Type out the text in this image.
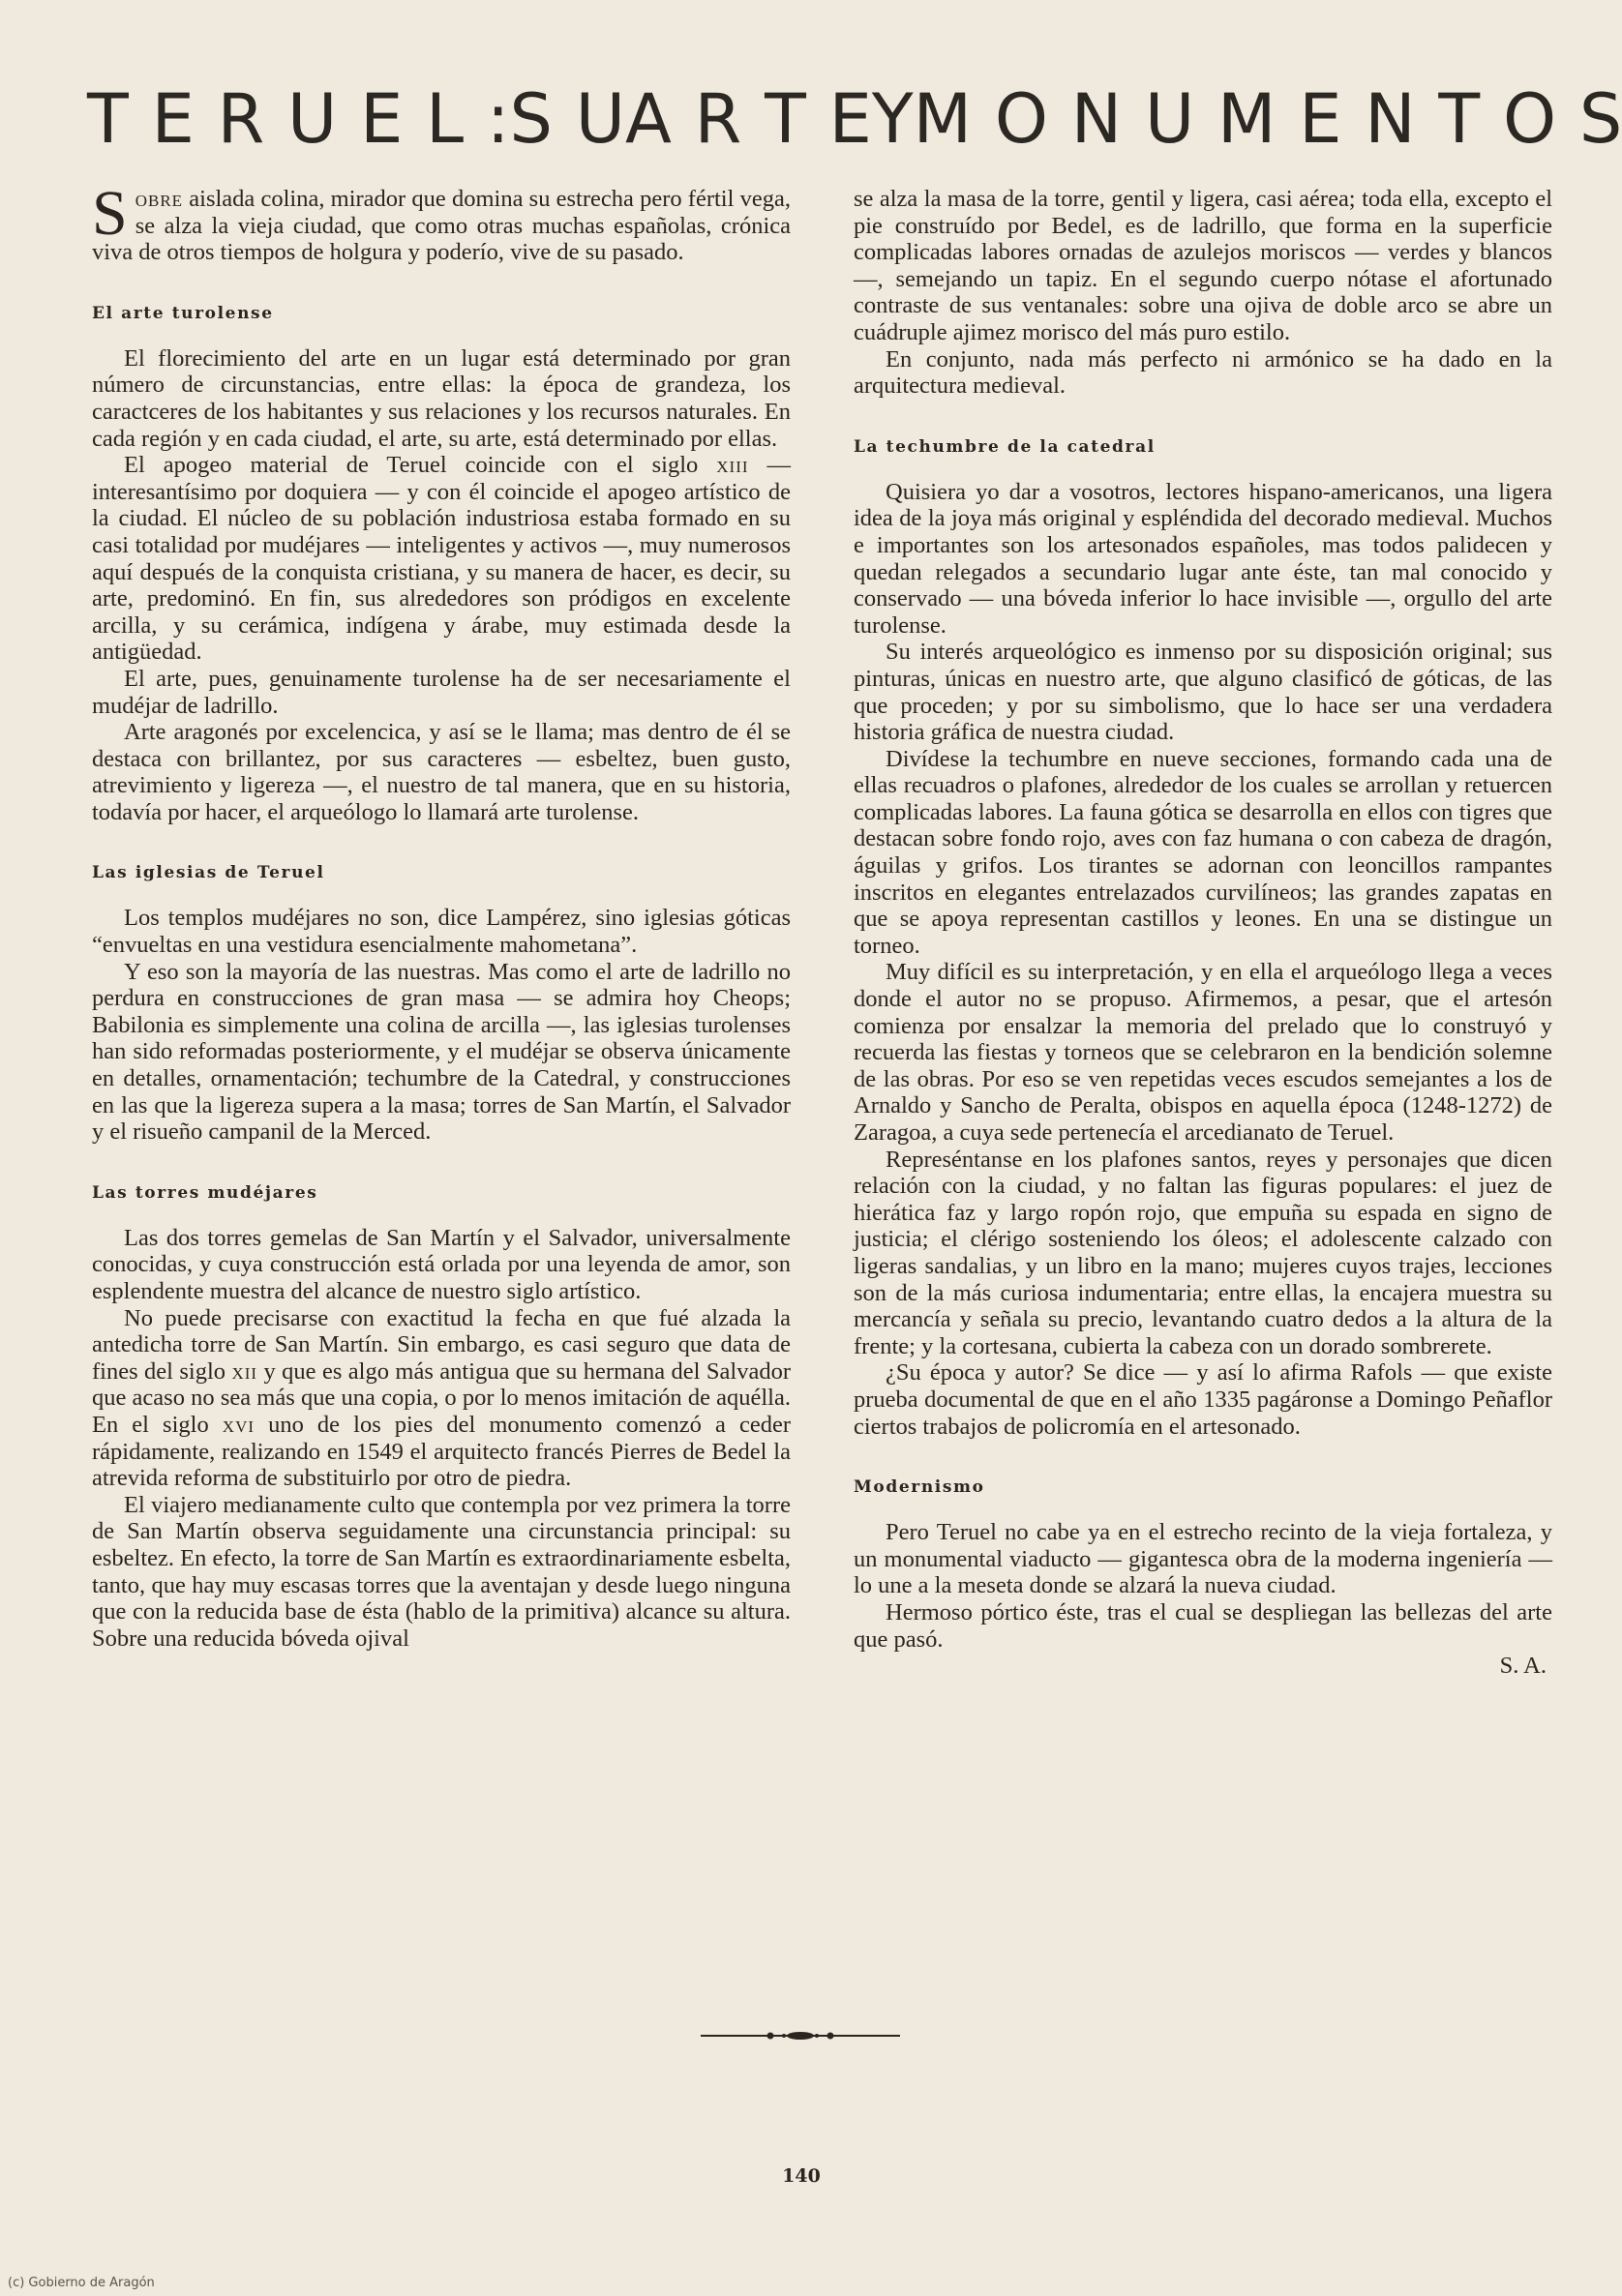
T E R U E L : S U A R T E Y M O N U M E N T O S

Sobre aislada colina, mirador que domina su estrecha pero fértil vega, se alza la vieja ciudad, que como otras muchas españolas, crónica viva de otros tiempos de holgura y poderío, vive de su pasado.

El arte turolense

El florecimiento del arte en un lugar está determinado por gran número de circunstancias, entre ellas: la época de grandeza, los caractceres de los habitantes y sus relaciones y los recursos naturales. En cada región y en cada ciudad, el arte, su arte, está determinado por ellas.

El apogeo material de Teruel coincide con el siglo xiii — interesantísimo por doquiera — y con él coincide el apogeo artístico de la ciudad. El núcleo de su población industriosa estaba formado en su casi totalidad por mudéjares — inteligentes y activos —, muy numerosos aquí después de la conquista cristiana, y su manera de hacer, es decir, su arte, predominó. En fin, sus alrededores son pródigos en excelente arcilla, y su cerámica, indígena y árabe, muy estimada desde la antigüedad.

El arte, pues, genuinamente turolense ha de ser necesariamente el mudéjar de ladrillo.

Arte aragonés por excelencica, y así se le llama; mas dentro de él se destaca con brillantez, por sus caracteres — esbeltez, buen gusto, atrevimiento y ligereza —, el nuestro de tal manera, que en su historia, todavía por hacer, el arqueólogo lo llamará arte turolense.

Las iglesias de Teruel

Los templos mudéjares no son, dice Lampérez, sino iglesias góticas “envueltas en una vestidura esencialmente mahometana”.

Y eso son la mayoría de las nuestras. Mas como el arte de ladrillo no perdura en construcciones de gran masa — se admira hoy Cheops; Babilonia es simplemente una colina de arcilla —, las iglesias turolenses han sido reformadas posteriormente, y el mudéjar se observa únicamente en detalles, ornamentación; techumbre de la Catedral, y construcciones en las que la ligereza supera a la masa; torres de San Martín, el Salvador y el risueño campanil de la Merced.

Las torres mudéjares

Las dos torres gemelas de San Martín y el Salvador, universalmente conocidas, y cuya construcción está orlada por una leyenda de amor, son esplendente muestra del alcance de nuestro siglo artístico.

No puede precisarse con exactitud la fecha en que fué alzada la antedicha torre de San Martín. Sin embargo, es casi seguro que data de fines del siglo xii y que es algo más antigua que su hermana del Salvador que acaso no sea más que una copia, o por lo menos imitación de aquélla. En el siglo xvi uno de los pies del monumento comenzó a ceder rápidamente, realizando en 1549 el arquitecto francés Pierres de Bedel la atrevida reforma de substituirlo por otro de piedra.

El viajero medianamente culto que contempla por vez primera la torre de San Martín observa seguidamente una circunstancia principal: su esbeltez. En efecto, la torre de San Martín es extraordinariamente esbelta, tanto, que hay muy escasas torres que la aventajan y desde luego ninguna que con la reducida base de ésta (hablo de la primitiva) alcance su altura. Sobre una reducida bóveda ojival

se alza la masa de la torre, gentil y ligera, casi aérea; toda ella, excepto el pie construído por Bedel, es de ladrillo, que forma en la superficie complicadas labores ornadas de azulejos moriscos — verdes y blancos —, semejando un tapiz. En el segundo cuerpo nótase el afortunado contraste de sus ventanales: sobre una ojiva de doble arco se abre un cuádruple ajimez morisco del más puro estilo.

En conjunto, nada más perfecto ni armónico se ha dado en la arquitectura medieval.

La techumbre de la catedral

Quisiera yo dar a vosotros, lectores hispano-americanos, una ligera idea de la joya más original y espléndida del decorado medieval. Muchos e importantes son los artesonados españoles, mas todos palidecen y quedan relegados a secundario lugar ante éste, tan mal conocido y conservado — una bóveda inferior lo hace invisible —, orgullo del arte turolense.

Su interés arqueológico es inmenso por su disposición original; sus pinturas, únicas en nuestro arte, que alguno clasificó de góticas, de las que proceden; y por su simbolismo, que lo hace ser una verdadera historia gráfica de nuestra ciudad.

Divídese la techumbre en nueve secciones, formando cada una de ellas recuadros o plafones, alrededor de los cuales se arrollan y retuercen complicadas labores. La fauna gótica se desarrolla en ellos con tigres que destacan sobre fondo rojo, aves con faz humana o con cabeza de dragón, águilas y grifos. Los tirantes se adornan con leoncillos rampantes inscritos en elegantes entrelazados curvilíneos; las grandes zapatas en que se apoya representan castillos y leones. En una se distingue un torneo.

Muy difícil es su interpretación, y en ella el arqueólogo llega a veces donde el autor no se propuso. Afirmemos, a pesar, que el artesón comienza por ensalzar la memoria del prelado que lo construyó y recuerda las fiestas y torneos que se celebraron en la bendición solemne de las obras. Por eso se ven repetidas veces escudos semejantes a los de Arnaldo y Sancho de Peralta, obispos en aquella época (1248-1272) de Zaragoa, a cuya sede pertenecía el arcedianato de Teruel.

Represéntanse en los plafones santos, reyes y personajes que dicen relación con la ciudad, y no faltan las figuras populares: el juez de hierática faz y largo ropón rojo, que empuña su espada en signo de justicia; el clérigo sosteniendo los óleos; el adolescente calzado con ligeras sandalias, y un libro en la mano; mujeres cuyos trajes, lecciones son de la más curiosa indumentaria; entre ellas, la encajera muestra su mercancía y señala su precio, levantando cuatro dedos a la altura de la frente; y la cortesana, cubierta la cabeza con un dorado sombrerete.

¿Su época y autor? Se dice — y así lo afirma Rafols — que existe prueba documental de que en el año 1335 pagáronse a Domingo Peñaflor ciertos trabajos de policromía en el artesonado.

Modernismo

Pero Teruel no cabe ya en el estrecho recinto de la vieja fortaleza, y un monumental viaducto — gigantesca obra de la moderna ingeniería — lo une a la meseta donde se alzará la nueva ciudad.

Hermoso pórtico éste, tras el cual se despliegan las bellezas del arte que pasó.

S. A.

140
(c) Gobierno de Aragón
